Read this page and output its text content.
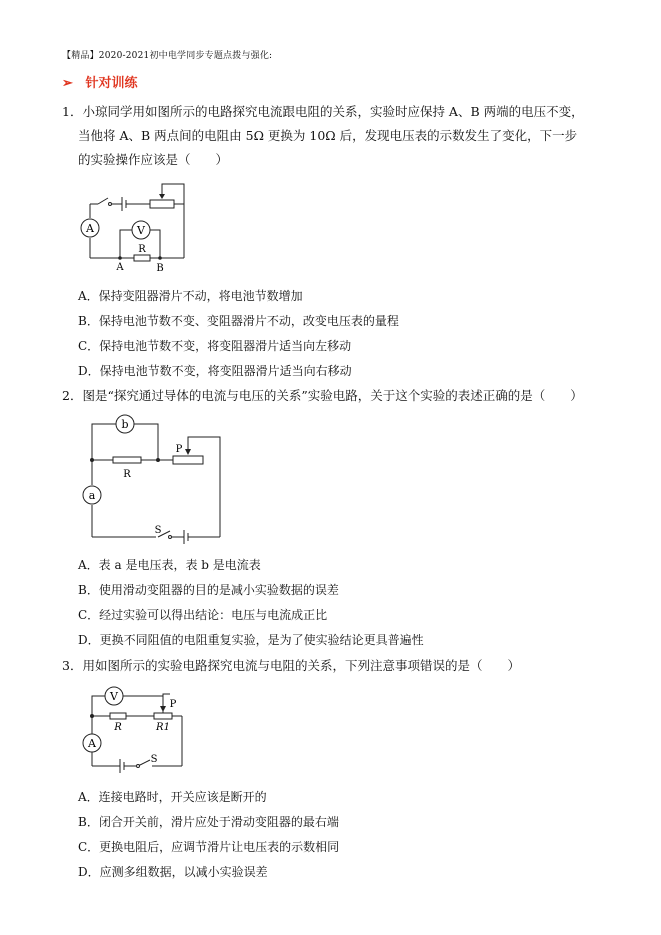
【精品】2020-2021初中电学同步专题点拨与强化:
➢ 针对训练
1．小琼同学用如图所示的电路探究电流跟电阻的关系，实验时应保持 A、B 两端的电压不变，
当他将 A、B 两点间的电阻由 5Ω 更换为 10Ω 后，发现电压表的示数发生了变化，下一步
的实验操作应该是（　　）
A	V
R
A	B
A．保持变阻器滑片不动，将电池节数增加
B．保持电池节数不变、变阻器滑片不动，改变电压表的量程
C．保持电池节数不变，将变阻器滑片适当向左移动
D．保持电池节数不变，将变阻器滑片适当向右移动
2．图是“探究通过导体的电流与电压的关系”实验电路，关于这个实验的表述正确的是（　　）
b
a
R
P
S
A．表 a 是电压表，表 b 是电流表
B．使用滑动变阻器的目的是减小实验数据的误差
C．经过实验可以得出结论：电压与电流成正比
D．更换不同阻值的电阻重复实验，是为了使实验结论更具普遍性
3．用如图所示的实验电路探究电流与电阻的关系，下列注意事项错误的是（　　）
V
A
R	R1
P
S
A．连接电路时，开关应该是断开的
B．闭合开关前，滑片应处于滑动变阻器的最右端
C．更换电阻后，应调节滑片让电压表的示数相同
D．应测多组数据，以减小实验误差
